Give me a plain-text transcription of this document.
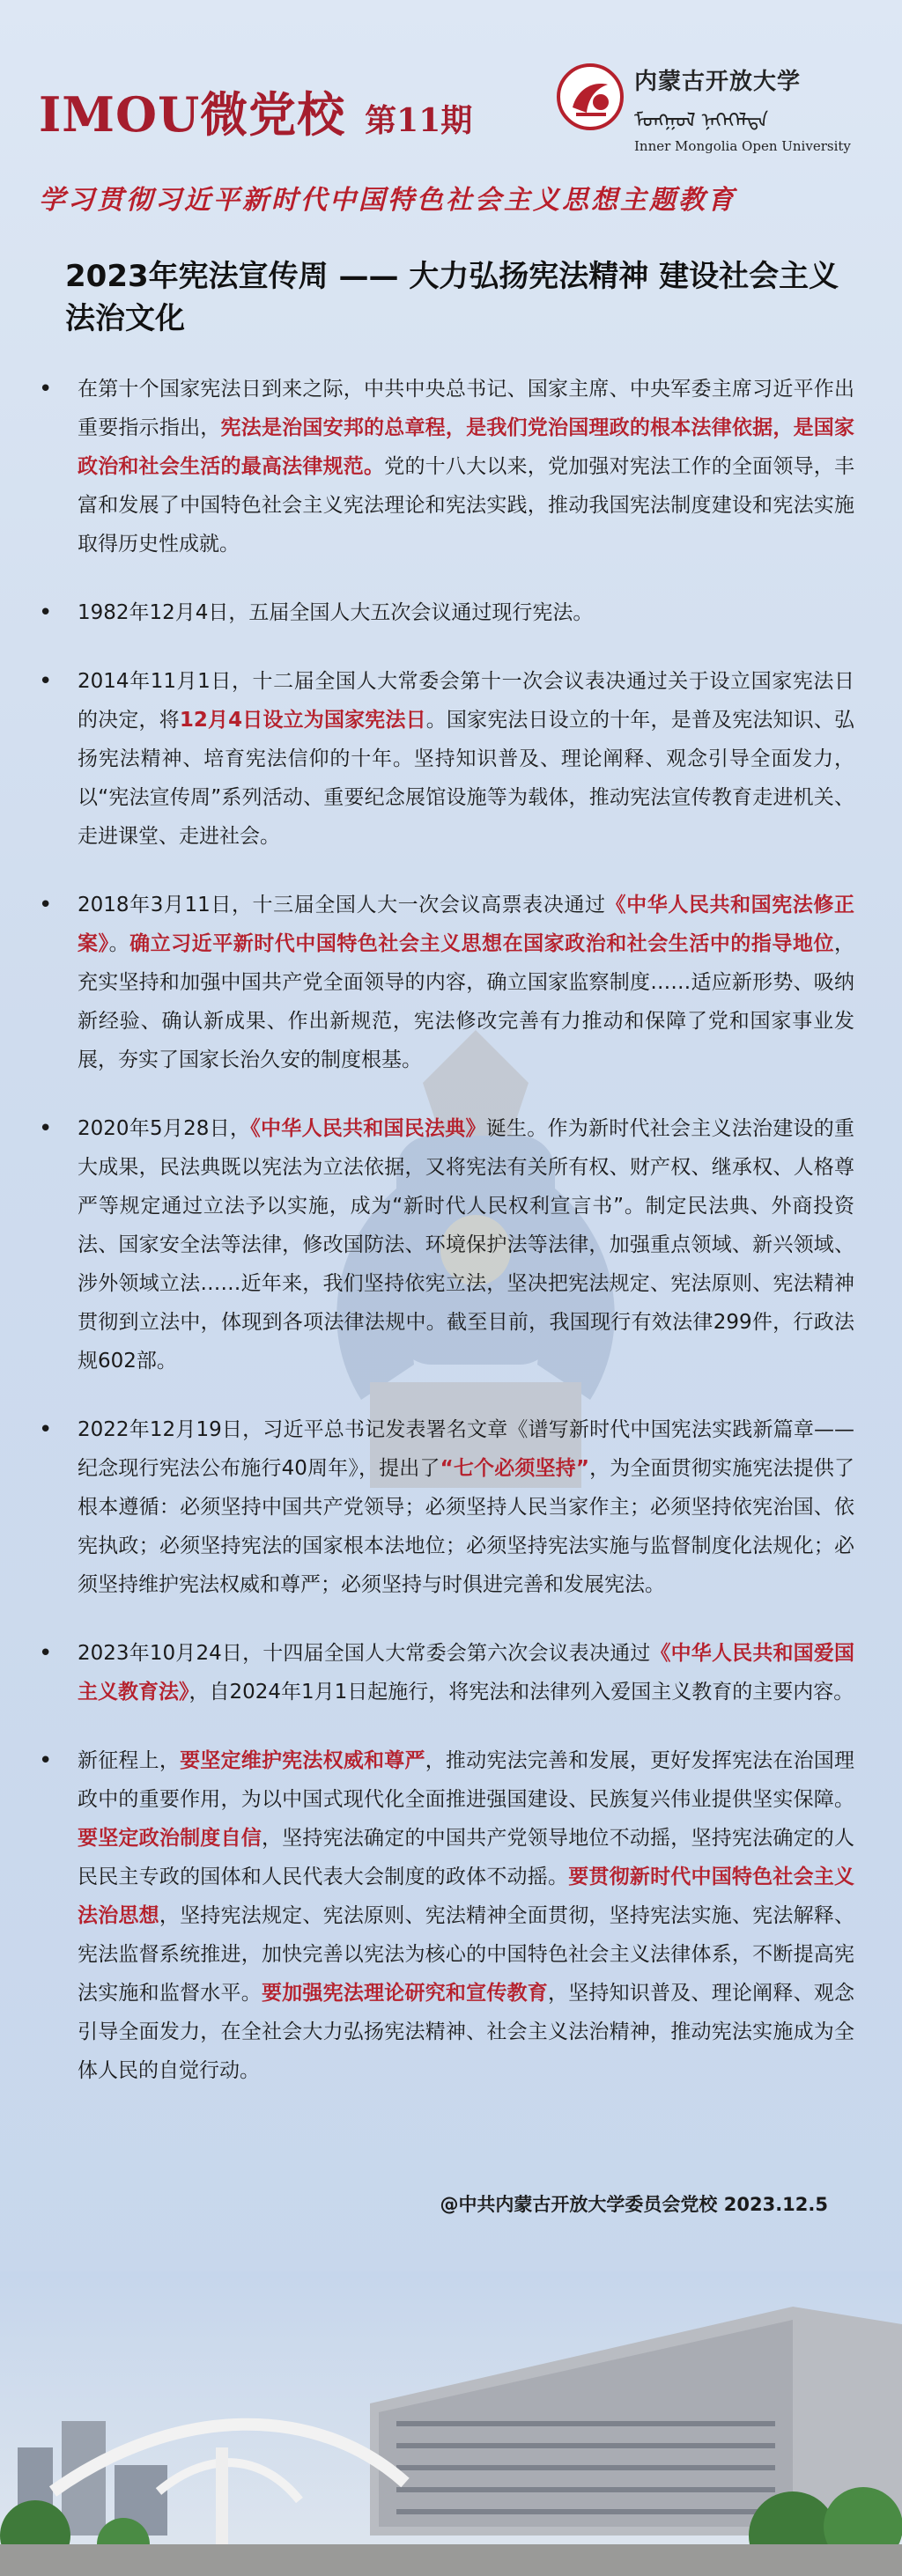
IMOU微党校 第11期
内蒙古开放大学
ᠮᠣᠩᠭᠣᠯ ᠨᠡᠭᠡᠭᠡᠯᠲᠡ
Inner Mongolia Open University
学习贯彻习近平新时代中国特色社会主义思想主题教育
2023年宪法宣传周 —— 大力弘扬宪法精神 建设社会主义法治文化
• 在第十个国家宪法日到来之际，中共中央总书记、国家主席、中央军委主席习近平作出重要指示指出，宪法是治国安邦的总章程，是我们党治国理政的根本法律依据，是国家政治和社会生活的最高法律规范。党的十八大以来，党加强对宪法工作的全面领导，丰富和发展了中国特色社会主义宪法理论和宪法实践，推动我国宪法制度建设和宪法实施取得历史性成就。
• 1982年12月4日，五届全国人大五次会议通过现行宪法。
• 2014年11月1日，十二届全国人大常委会第十一次会议表决通过关于设立国家宪法日的决定，将12月4日设立为国家宪法日。国家宪法日设立的十年，是普及宪法知识、弘扬宪法精神、培育宪法信仰的十年。坚持知识普及、理论阐释、观念引导全面发力，以“宪法宣传周”系列活动、重要纪念展馆设施等为载体，推动宪法宣传教育走进机关、走进课堂、走进社会。
• 2018年3月11日，十三届全国人大一次会议高票表决通过《中华人民共和国宪法修正案》。确立习近平新时代中国特色社会主义思想在国家政治和社会生活中的指导地位，充实坚持和加强中国共产党全面领导的内容，确立国家监察制度……适应新形势、吸纳新经验、确认新成果、作出新规范，宪法修改完善有力推动和保障了党和国家事业发展，夯实了国家长治久安的制度根基。
• 2020年5月28日，《中华人民共和国民法典》诞生。作为新时代社会主义法治建设的重大成果，民法典既以宪法为立法依据，又将宪法有关所有权、财产权、继承权、人格尊严等规定通过立法予以实施，成为“新时代人民权利宣言书”。制定民法典、外商投资法、国家安全法等法律，修改国防法、环境保护法等法律，加强重点领域、新兴领域、涉外领域立法……近年来，我们坚持依宪立法，坚决把宪法规定、宪法原则、宪法精神贯彻到立法中，体现到各项法律法规中。截至目前，我国现行有效法律299件，行政法规602部。
• 2022年12月19日，习近平总书记发表署名文章《谱写新时代中国宪法实践新篇章——纪念现行宪法公布施行40周年》，提出了“七个必须坚持”，为全面贯彻实施宪法提供了根本遵循：必须坚持中国共产党领导；必须坚持人民当家作主；必须坚持依宪治国、依宪执政；必须坚持宪法的国家根本法地位；必须坚持宪法实施与监督制度化法规化；必须坚持维护宪法权威和尊严；必须坚持与时俱进完善和发展宪法。
• 2023年10月24日，十四届全国人大常委会第六次会议表决通过《中华人民共和国爱国主义教育法》，自2024年1月1日起施行，将宪法和法律列入爱国主义教育的主要内容。
• 新征程上，要坚定维护宪法权威和尊严，推动宪法完善和发展，更好发挥宪法在治国理政中的重要作用，为以中国式现代化全面推进强国建设、民族复兴伟业提供坚实保障。要坚定政治制度自信，坚持宪法确定的中国共产党领导地位不动摇，坚持宪法确定的人民民主专政的国体和人民代表大会制度的政体不动摇。要贯彻新时代中国特色社会主义法治思想，坚持宪法规定、宪法原则、宪法精神全面贯彻，坚持宪法实施、宪法解释、宪法监督系统推进，加快完善以宪法为核心的中国特色社会主义法律体系，不断提高宪法实施和监督水平。要加强宪法理论研究和宣传教育，坚持知识普及、理论阐释、观念引导全面发力，在全社会大力弘扬宪法精神、社会主义法治精神，推动宪法实施成为全体人民的自觉行动。
@中共内蒙古开放大学委员会党校 2023.12.5
